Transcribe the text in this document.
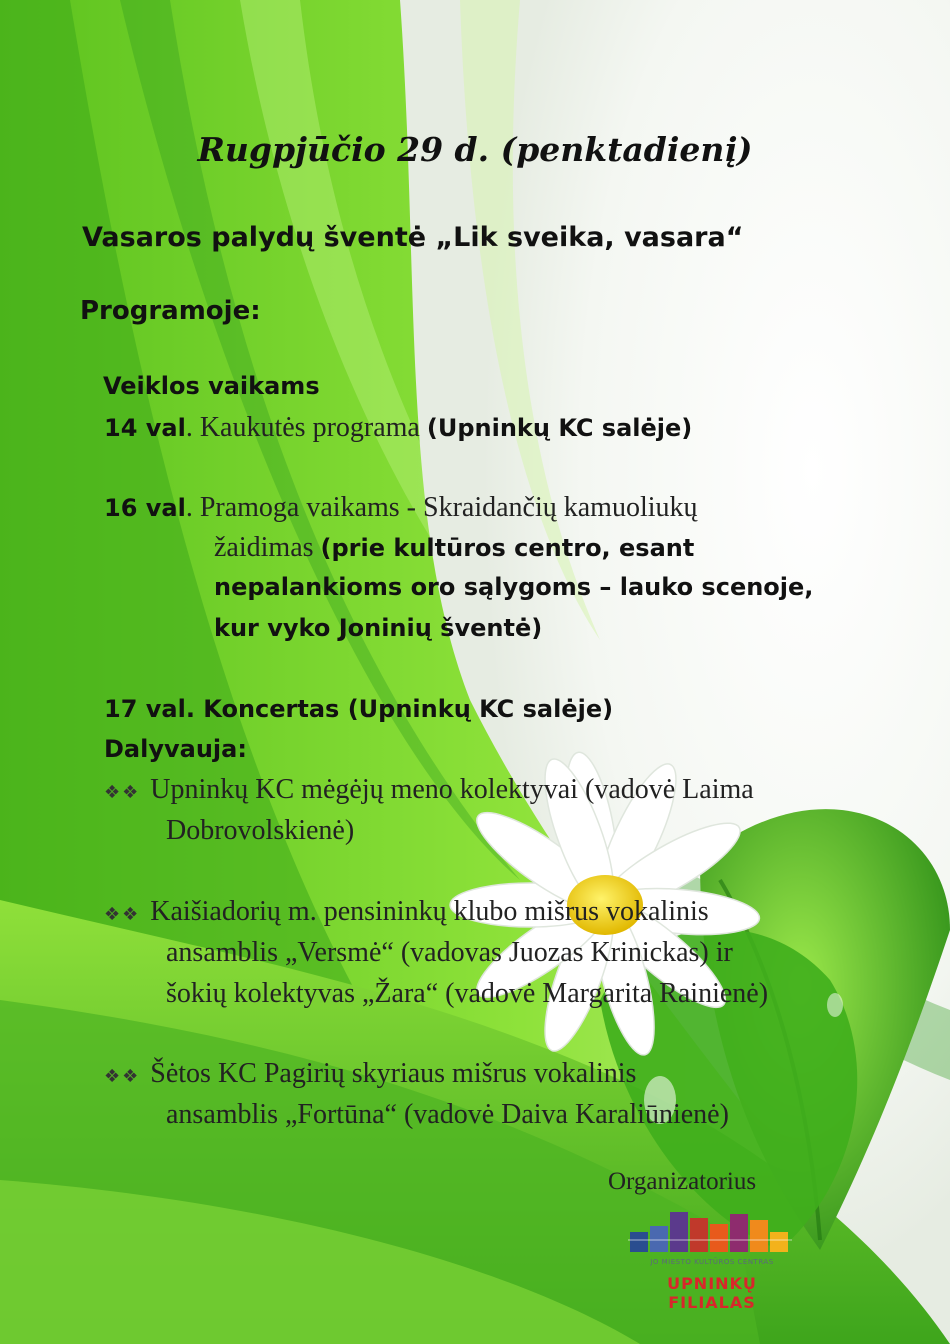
Rugpjūčio 29 d. (penktadienį)

Vasaros palydų šventė „Lik sveika, vasara“

Programoje:

Veiklos vaikams

14 val. Kaukutės programa (Upninkų KC salėje)

16 val. Pramoga vaikams - Skraidančių kamuoliukų

žaidimas (prie kultūros centro, esant

nepalankioms oro sąlygoms – lauko scenoje,

kur vyko Joninių šventė)

17 val. Koncertas (Upninkų KC salėje)

Dalyvauja:

❖❖ Upninkų KC mėgėjų meno kolektyvai (vadovė Laima

Dobrovolskienė)

❖❖ Kaišiadorių m. pensininkų klubo mišrus vokalinis

ansamblis „Versmė“ (vadovas Juozas Krinickas) ir

šokių kolektyvas „Žara“ (vadovė Margarita Rainienė)

❖❖ Šėtos KC Pagirių skyriaus mišrus vokalinis

ansamblis „Fortūna“ (vadovė Daiva Karaliūnienė)

Organizatorius

JO MIESTO KULTŪROS CENTRAS
UPNINKŲ FILIALAS
